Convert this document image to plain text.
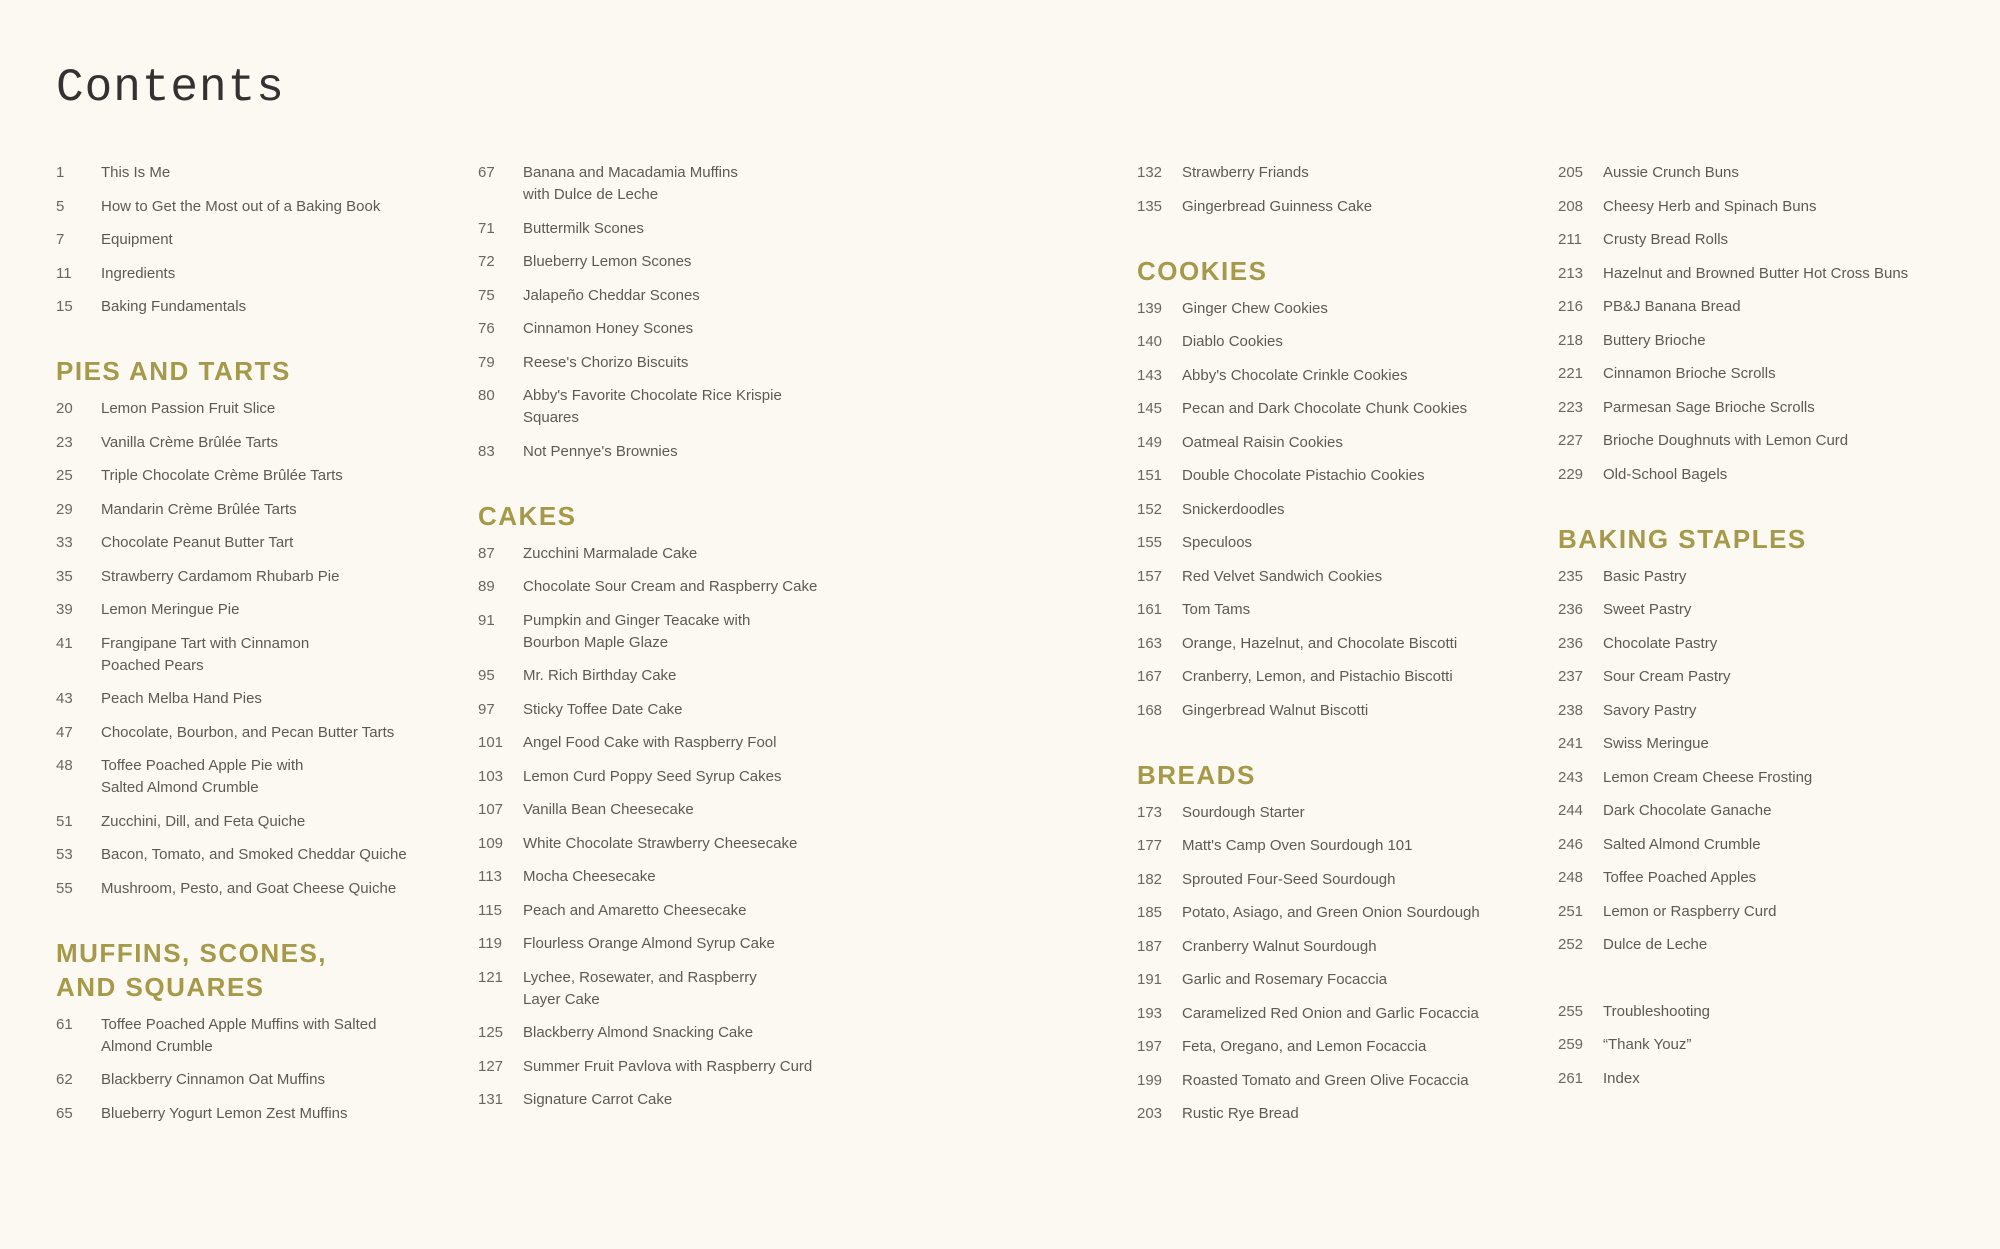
Contents
1	This Is Me
5	How to Get the Most out of a Baking Book
7	Equipment
11	Ingredients
15	Baking Fundamentals
PIES AND TARTS
20	Lemon Passion Fruit Slice
23	Vanilla Crème Brûlée Tarts
25	Triple Chocolate Crème Brûlée Tarts
29	Mandarin Crème Brûlée Tarts
33	Chocolate Peanut Butter Tart
35	Strawberry Cardamom Rhubarb Pie
39	Lemon Meringue Pie
41	Frangipane Tart with Cinnamon
Poached Pears
43	Peach Melba Hand Pies
47	Chocolate, Bourbon, and Pecan Butter Tarts
48	Toffee Poached Apple Pie with
Salted Almond Crumble
51	Zucchini, Dill, and Feta Quiche
53	Bacon, Tomato, and Smoked Cheddar Quiche
55	Mushroom, Pesto, and Goat Cheese Quiche
MUFFINS, SCONES,
AND SQUARES
61	Toffee Poached Apple Muffins with Salted
Almond Crumble
62	Blackberry Cinnamon Oat Muffins
65	Blueberry Yogurt Lemon Zest Muffins
67	Banana and Macadamia Muffins
with Dulce de Leche
71	Buttermilk Scones
72	Blueberry Lemon Scones
75	Jalapeño Cheddar Scones
76	Cinnamon Honey Scones
79	Reese's Chorizo Biscuits
80	Abby's Favorite Chocolate Rice Krispie
Squares
83	Not Pennye's Brownies
CAKES
87	Zucchini Marmalade Cake
89	Chocolate Sour Cream and Raspberry Cake
91	Pumpkin and Ginger Teacake with
Bourbon Maple Glaze
95	Mr. Rich Birthday Cake
97	Sticky Toffee Date Cake
101	Angel Food Cake with Raspberry Fool
103	Lemon Curd Poppy Seed Syrup Cakes
107	Vanilla Bean Cheesecake
109	White Chocolate Strawberry Cheesecake
113	Mocha Cheesecake
115	Peach and Amaretto Cheesecake
119	Flourless Orange Almond Syrup Cake
121	Lychee, Rosewater, and Raspberry
Layer Cake
125	Blackberry Almond Snacking Cake
127	Summer Fruit Pavlova with Raspberry Curd
131	Signature Carrot Cake
132	Strawberry Friands
135	Gingerbread Guinness Cake
COOKIES
139	Ginger Chew Cookies
140	Diablo Cookies
143	Abby's Chocolate Crinkle Cookies
145	Pecan and Dark Chocolate Chunk Cookies
149	Oatmeal Raisin Cookies
151	Double Chocolate Pistachio Cookies
152	Snickerdoodles
155	Speculoos
157	Red Velvet Sandwich Cookies
161	Tom Tams
163	Orange, Hazelnut, and Chocolate Biscotti
167	Cranberry, Lemon, and Pistachio Biscotti
168	Gingerbread Walnut Biscotti
BREADS
173	Sourdough Starter
177	Matt's Camp Oven Sourdough 101
182	Sprouted Four-Seed Sourdough
185	Potato, Asiago, and Green Onion Sourdough
187	Cranberry Walnut Sourdough
191	Garlic and Rosemary Focaccia
193	Caramelized Red Onion and Garlic Focaccia
197	Feta, Oregano, and Lemon Focaccia
199	Roasted Tomato and Green Olive Focaccia
203	Rustic Rye Bread
205	Aussie Crunch Buns
208	Cheesy Herb and Spinach Buns
211	Crusty Bread Rolls
213	Hazelnut and Browned Butter Hot Cross Buns
216	PB&J Banana Bread
218	Buttery Brioche
221	Cinnamon Brioche Scrolls
223	Parmesan Sage Brioche Scrolls
227	Brioche Doughnuts with Lemon Curd
229	Old-School Bagels
BAKING STAPLES
235	Basic Pastry
236	Sweet Pastry
236	Chocolate Pastry
237	Sour Cream Pastry
238	Savory Pastry
241	Swiss Meringue
243	Lemon Cream Cheese Frosting
244	Dark Chocolate Ganache
246	Salted Almond Crumble
248	Toffee Poached Apples
251	Lemon or Raspberry Curd
252	Dulce de Leche
255	Troubleshooting
259	“Thank Youz”
261	Index
